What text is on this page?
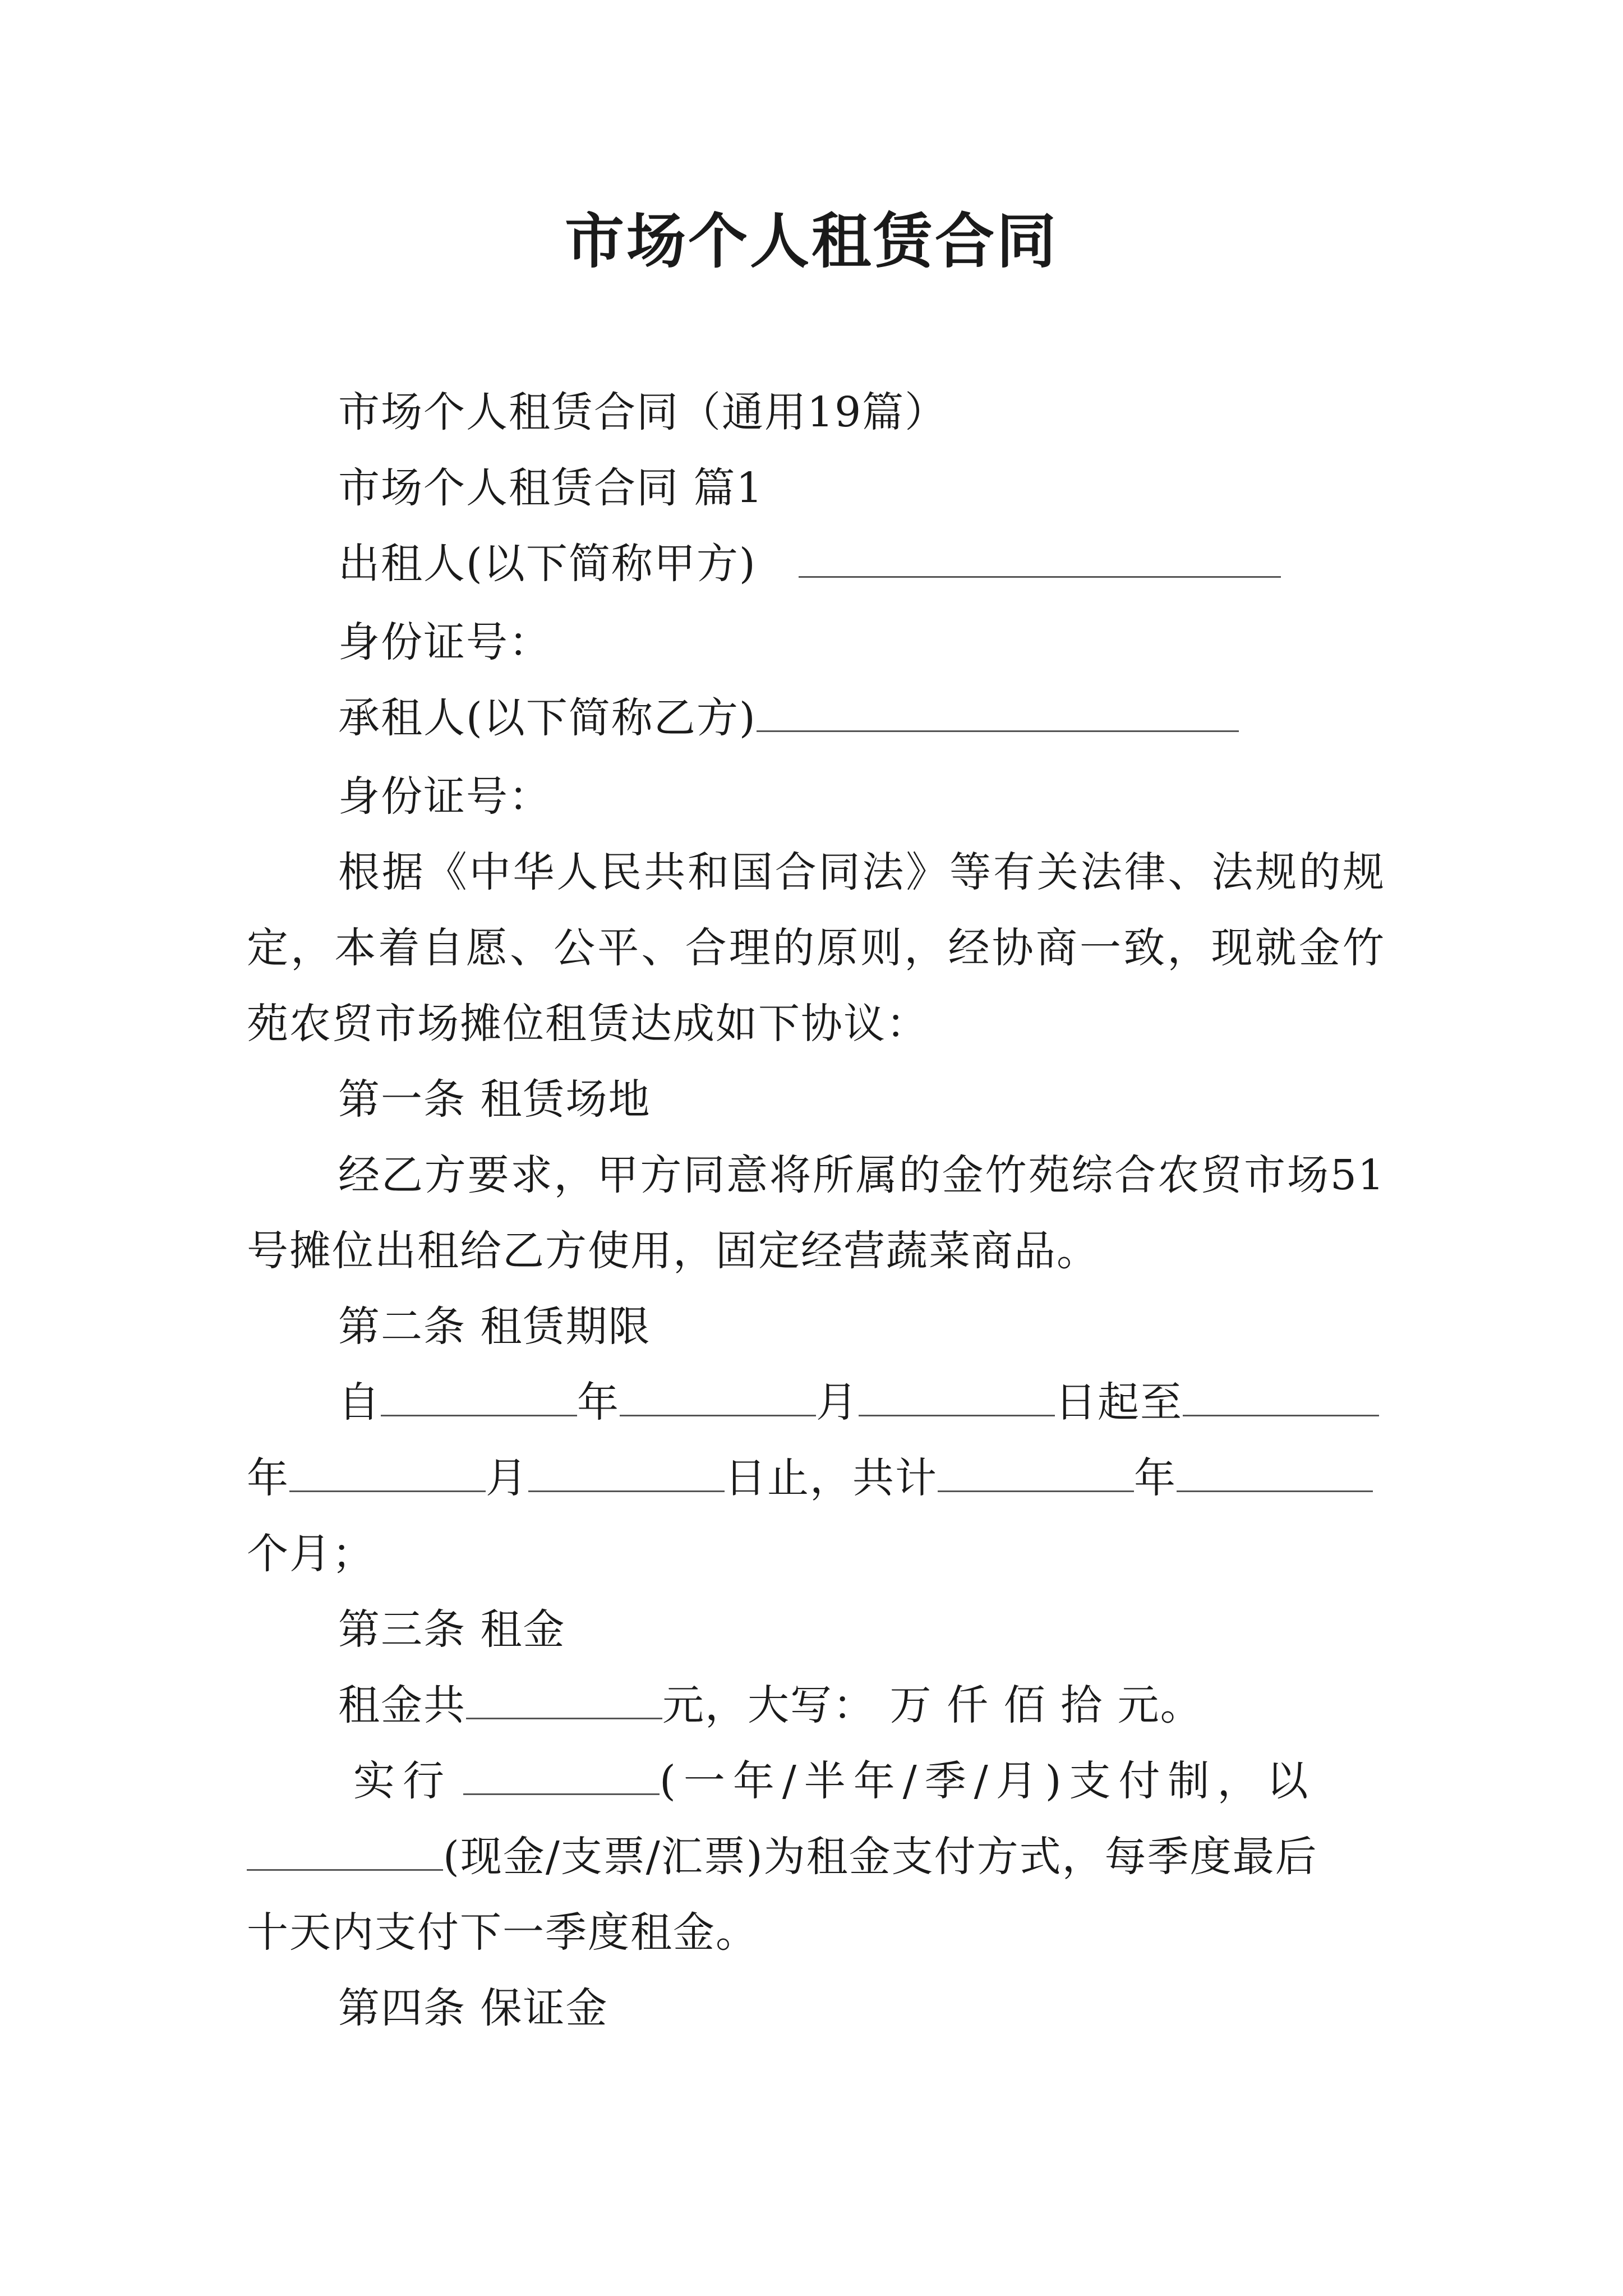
市场个人租赁合同
市场个人租赁合同（通用19篇）
市场个人租赁合同 篇1
出租人(以下简称甲方)
身份证号：
承租人(以下简称乙方)
身份证号：
根据《中华人民共和国合同法》等有关法律、法规的规
定，本着自愿、公平、合理的原则，经协商一致，现就金竹
苑农贸市场摊位租赁达成如下协议：
第一条 租赁场地
经乙方要求，甲方同意将所属的金竹苑综合农贸市场51
号摊位出租给乙方使用，固定经营蔬菜商品。
第二条 租赁期限
自	年	月	日起至
年	月	日止，共计	年
个月；
第三条 租金
租金共	元，大写： 万 仟 佰 拾 元。
实行	(一年/半年/季/月)支付制，以
(现金/支票/汇票)为租金支付方式，每季度最后
十天内支付下一季度租金。
第四条 保证金
